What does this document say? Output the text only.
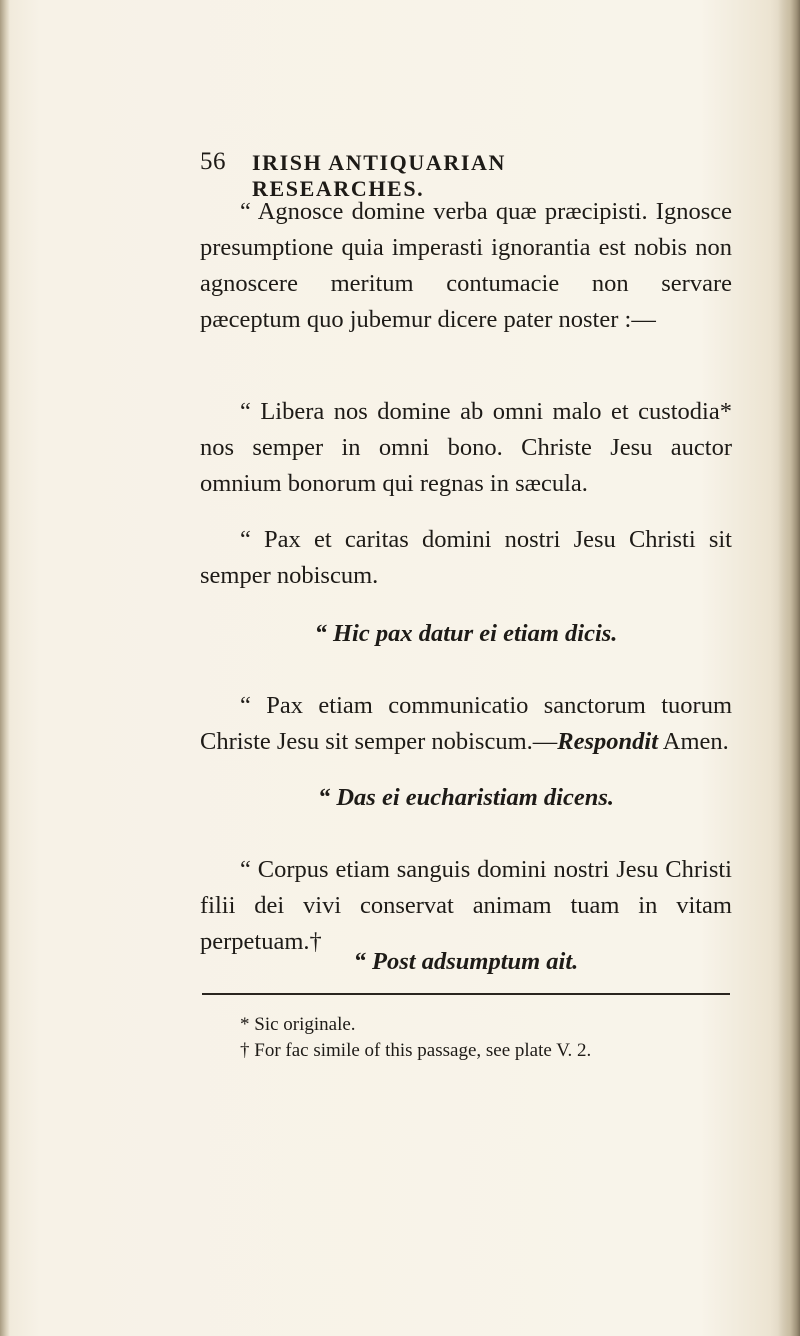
56 IRISH ANTIQUARIAN RESEARCHES.

“ Agnosce domine verba quæ præcipisti. Ignosce presumptione quia imperasti ignorantia est nobis non agnoscere meritum contumacie non servare pæceptum quo jubemur dicere pater noster :—

“ Libera nos domine ab omni malo et custodia* nos semper in omni bono. Christe Jesu auctor omnium bonorum qui regnas in sæcula.

“ Pax et caritas domini nostri Jesu Christi sit semper nobiscum.

“ Hic pax datur ei etiam dicis.

“ Pax etiam communicatio sanctorum tuorum Christe Jesu sit semper nobiscum.—Respondit Amen.

“ Das ei eucharistiam dicens.

“ Corpus etiam sanguis domini nostri Jesu Christi filii dei vivi conservat animam tuam in vitam perpetuam.†

“ Post adsumptum ait.
* Sic originale.
† For fac simile of this passage, see plate V. 2.
